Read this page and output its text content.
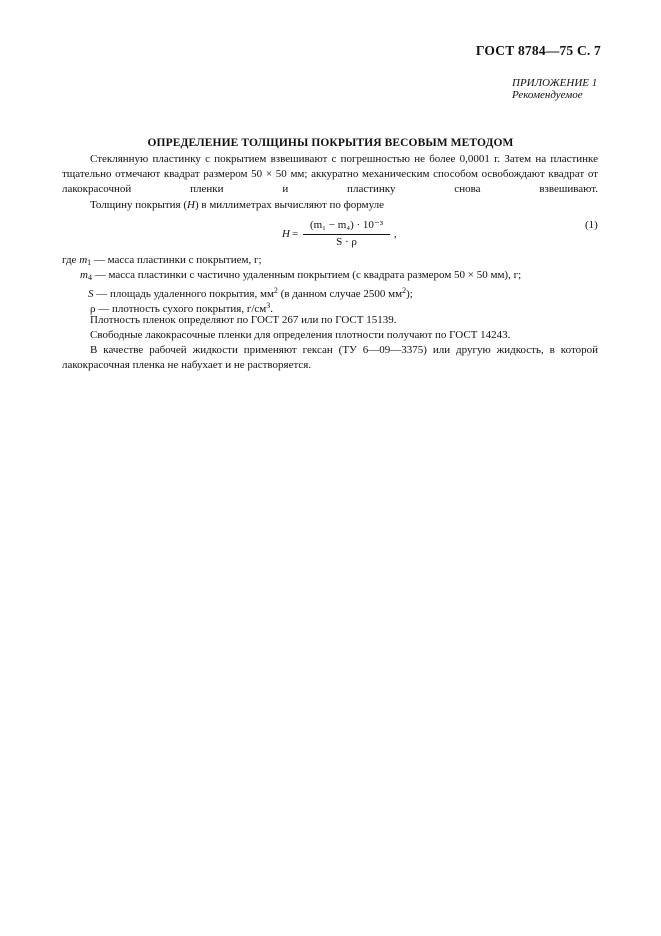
ГОСТ 8784—75 С. 7
ПРИЛОЖЕНИЕ 1
Рекомендуемое
ОПРЕДЕЛЕНИЕ ТОЛЩИНЫ ПОКРЫТИЯ ВЕСОВЫМ МЕТОДОМ
Стеклянную пластинку с покрытием взвешивают с погрешностью не более 0,0001 г. Затем на пластинке тщательно отмечают квадрат размером 50 × 50 мм; аккуратно механическим способом освобождают квадрат от лакокрасочной пленки и пластинку снова взвешивают.
Толщину покрытия (Н) в миллиметрах вычисляют по формуле
Н =
(m₁ − m₄) · 10⁻³
S · ρ
,
(1)
где $m_1$ — масса пластинки с покрытием, г;
$m_4$ — масса пластинки с частично удаленным покрытием (с квадрата размером 50 × 50 мм), г;
S — площадь удаленного покрытия, $мм^2$ (в данном случае 2500 $мм^2$);
ρ — плотность сухого покрытия, $г/см^3$.
Плотность пленок определяют по ГОСТ 267 или по ГОСТ 15139.
Свободные лакокрасочные пленки для определения плотности получают по ГОСТ 14243.
В качестве рабочей жидкости применяют гексан (ТУ 6—09—3375) или другую жидкость, в которой лакокрасочная пленка не набухает и не растворяется.
